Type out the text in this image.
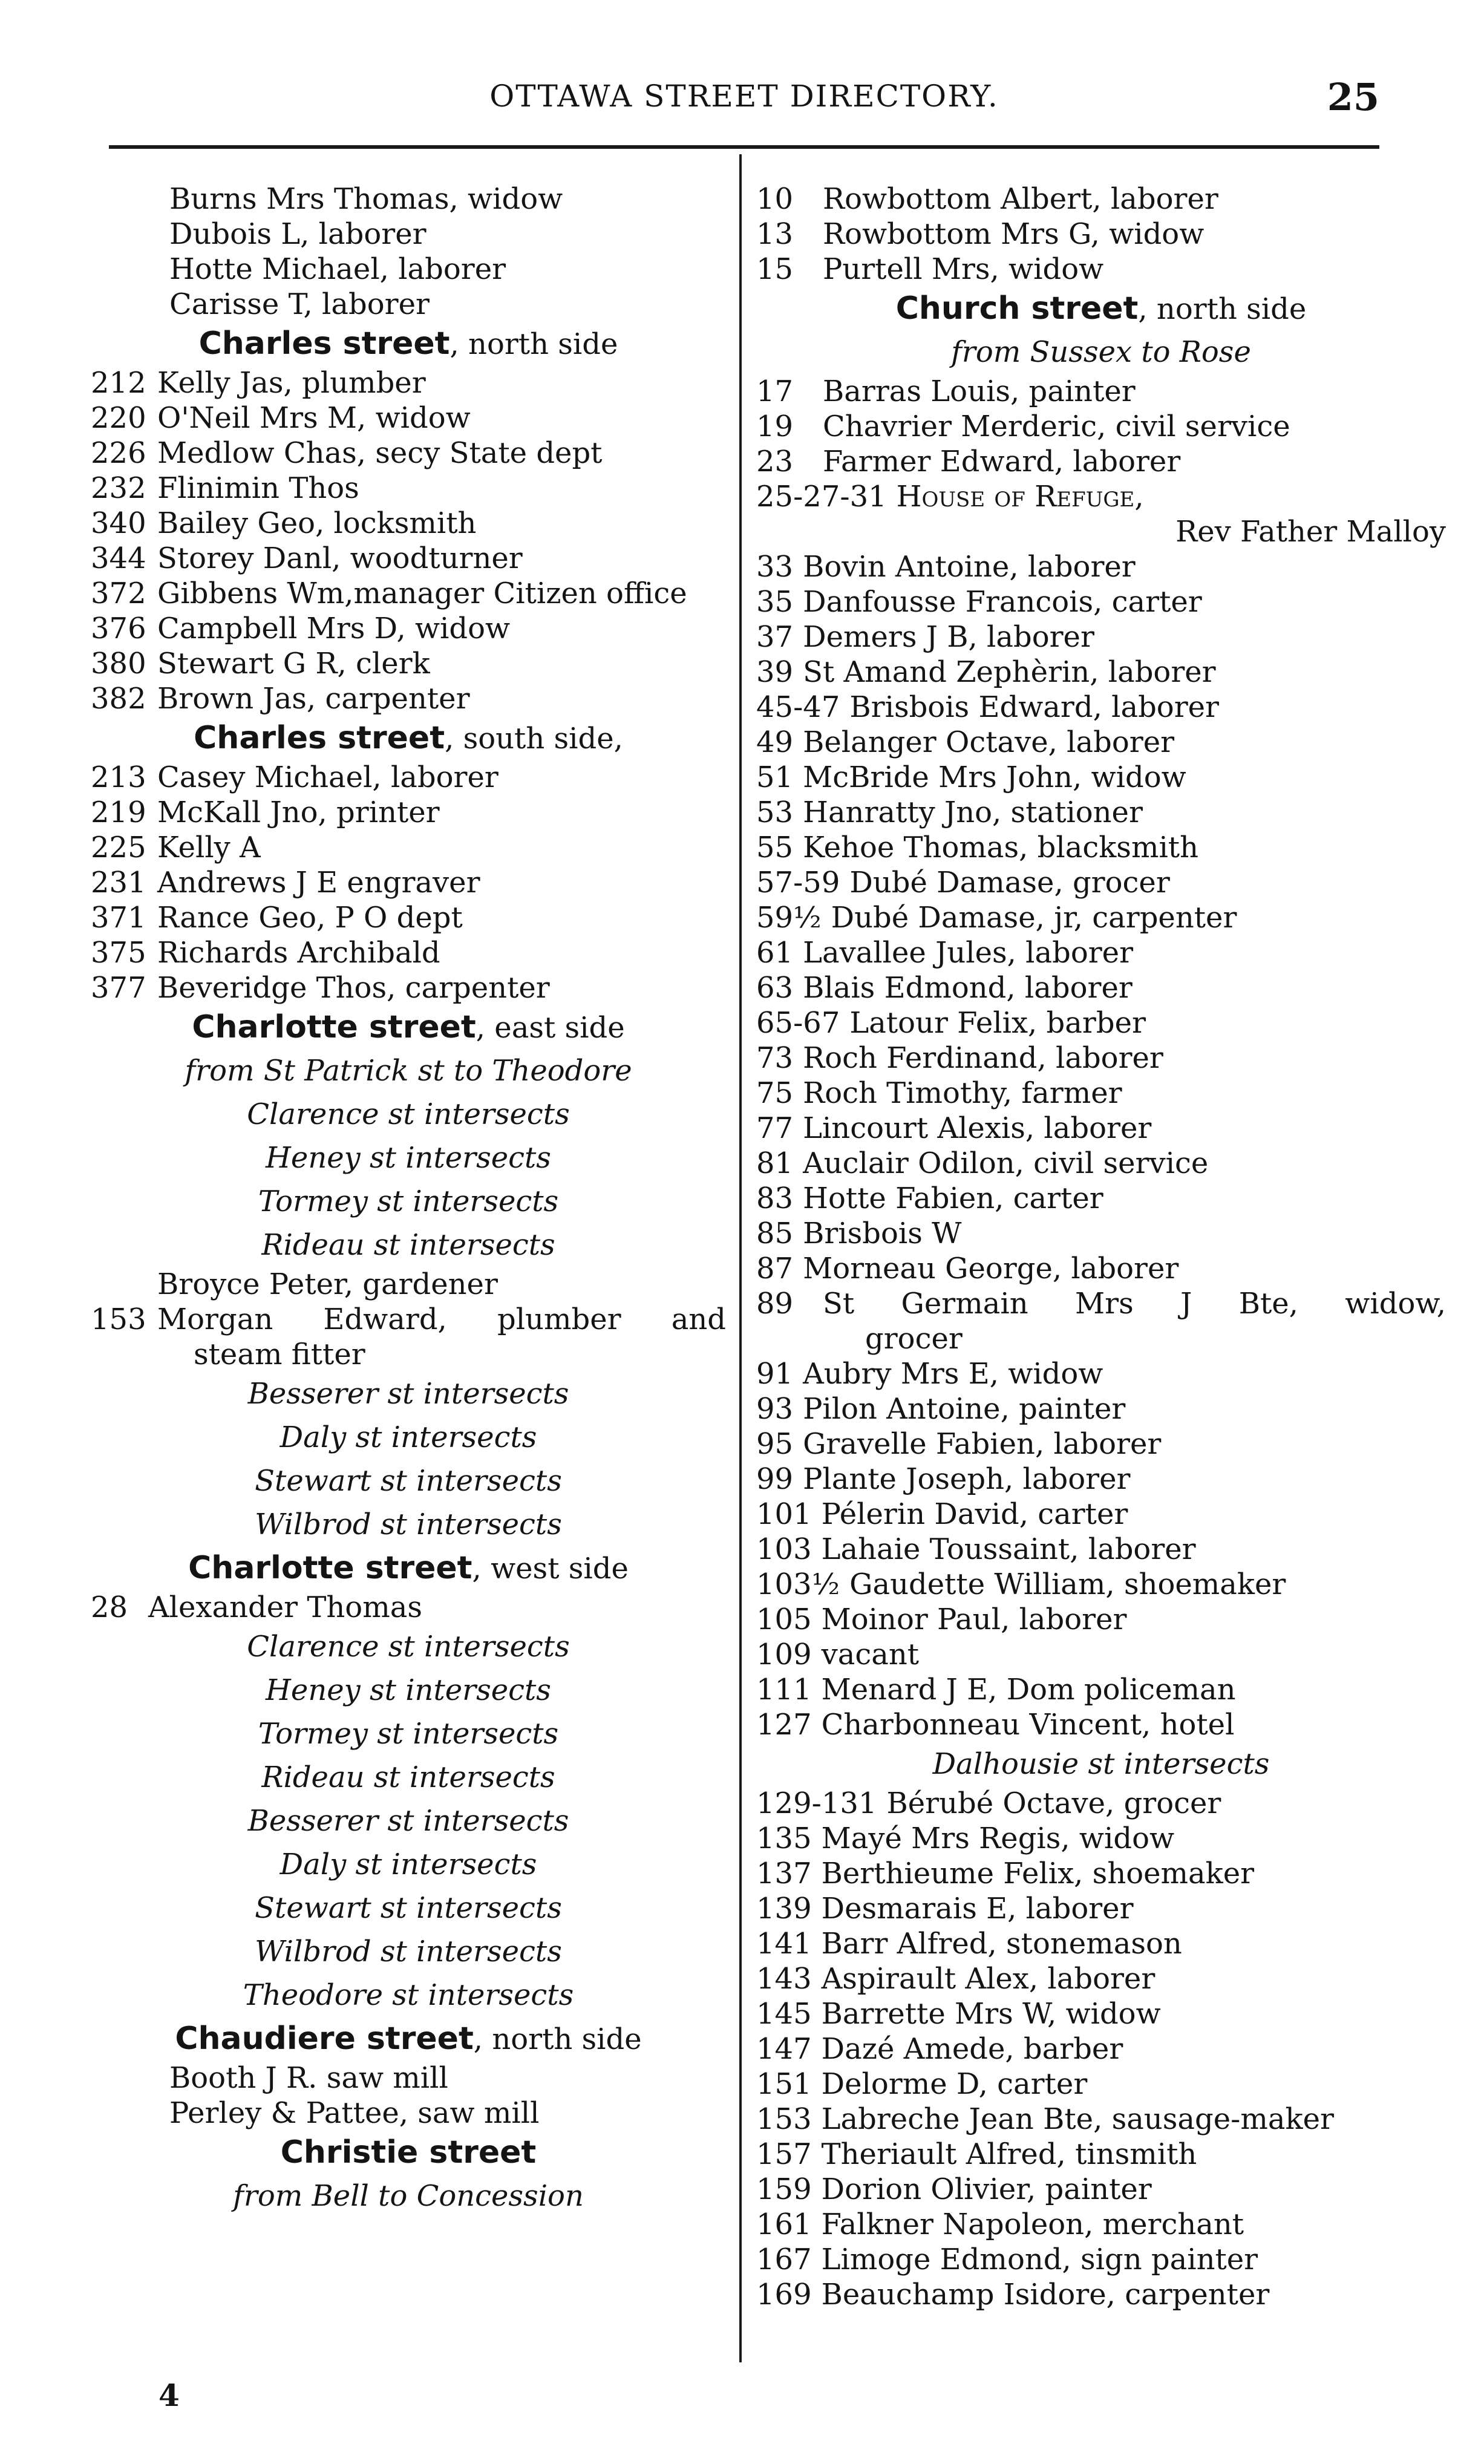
OTTAWA STREET DIRECTORY.	25
Burns Mrs Thomas, widow
Dubois L, laborer
Hotte Michael, laborer
Carisse T, laborer
Charles street, north side
212 Kelly Jas, plumber
220 O'Neil Mrs M, widow
226 Medlow Chas, secy State dept
232 Flinimin Thos
340 Bailey Geo, locksmith
344 Storey Danl, woodturner
372 Gibbens Wm,manager Citizen office
376 Campbell Mrs D, widow
380 Stewart G R, clerk
382 Brown Jas, carpenter
Charles street, south side,
213 Casey Michael, laborer
219 McKall Jno, printer
225 Kelly A
231 Andrews J E engraver
371 Rance Geo, P O dept
375 Richards Archibald
377 Beveridge Thos, carpenter
Charlotte street, east side
from St Patrick st to Theodore
Clarence st intersects
Heney st intersects
Tormey st intersects
Rideau st intersects
Broyce Peter, gardener
153 Morgan Edward, plumber and
steam fitter
Besserer st intersects
Daly st intersects
Stewart st intersects
Wilbrod st intersects
Charlotte street, west side
28 Alexander Thomas
Clarence st intersects
Heney st intersects
Tormey st intersects
Rideau st intersects
Besserer st intersects
Daly st intersects
Stewart st intersects
Wilbrod st intersects
Theodore st intersects
Chaudiere street, north side
Booth J R. saw mill
Perley & Pattee, saw mill
Christie street
from Bell to Concession
4
10	Rowbottom Albert, laborer
13	Rowbottom Mrs G, widow
15	Purtell Mrs, widow
Church street, north side
from Sussex to Rose
17	Barras Louis, painter
19	Chavrier Merderic, civil service
23	Farmer Edward, laborer
25-27-31 House of Refuge,
Rev Father Malloy
33 Bovin Antoine, laborer
35 Danfousse Francois, carter
37 Demers J B, laborer
39 St Amand Zephèrin, laborer
45-47 Brisbois Edward, laborer
49 Belanger Octave, laborer
51 McBride Mrs John, widow
53 Hanratty Jno, stationer
55 Kehoe Thomas, blacksmith
57-59 Dubé Damase, grocer
59½ Dubé Damase, jr, carpenter
61 Lavallee Jules, laborer
63 Blais Edmond, laborer
65-67 Latour Felix, barber
73 Roch Ferdinand, laborer
75 Roch Timothy, farmer
77 Lincourt Alexis, laborer
81 Auclair Odilon, civil service
83 Hotte Fabien, carter
85 Brisbois W
87 Morneau George, laborer
89	St Germain Mrs J Bte, widow,
grocer
91 Aubry Mrs E, widow
93 Pilon Antoine, painter
95 Gravelle Fabien, laborer
99 Plante Joseph, laborer
101 Pélerin David, carter
103 Lahaie Toussaint, laborer
103½ Gaudette William, shoemaker
105 Moinor Paul, laborer
109 vacant
111 Menard J E, Dom policeman
127 Charbonneau Vincent, hotel
Dalhousie st intersects
129-131 Bérubé Octave, grocer
135 Mayé Mrs Regis, widow
137 Berthieume Felix, shoemaker
139 Desmarais E, laborer
141 Barr Alfred, stonemason
143 Aspirault Alex, laborer
145 Barrette Mrs W, widow
147 Dazé Amede, barber
151 Delorme D, carter
153 Labreche Jean Bte, sausage-maker
157 Theriault Alfred, tinsmith
159 Dorion Olivier, painter
161 Falkner Napoleon, merchant
167 Limoge Edmond, sign painter
169 Beauchamp Isidore, carpenter
